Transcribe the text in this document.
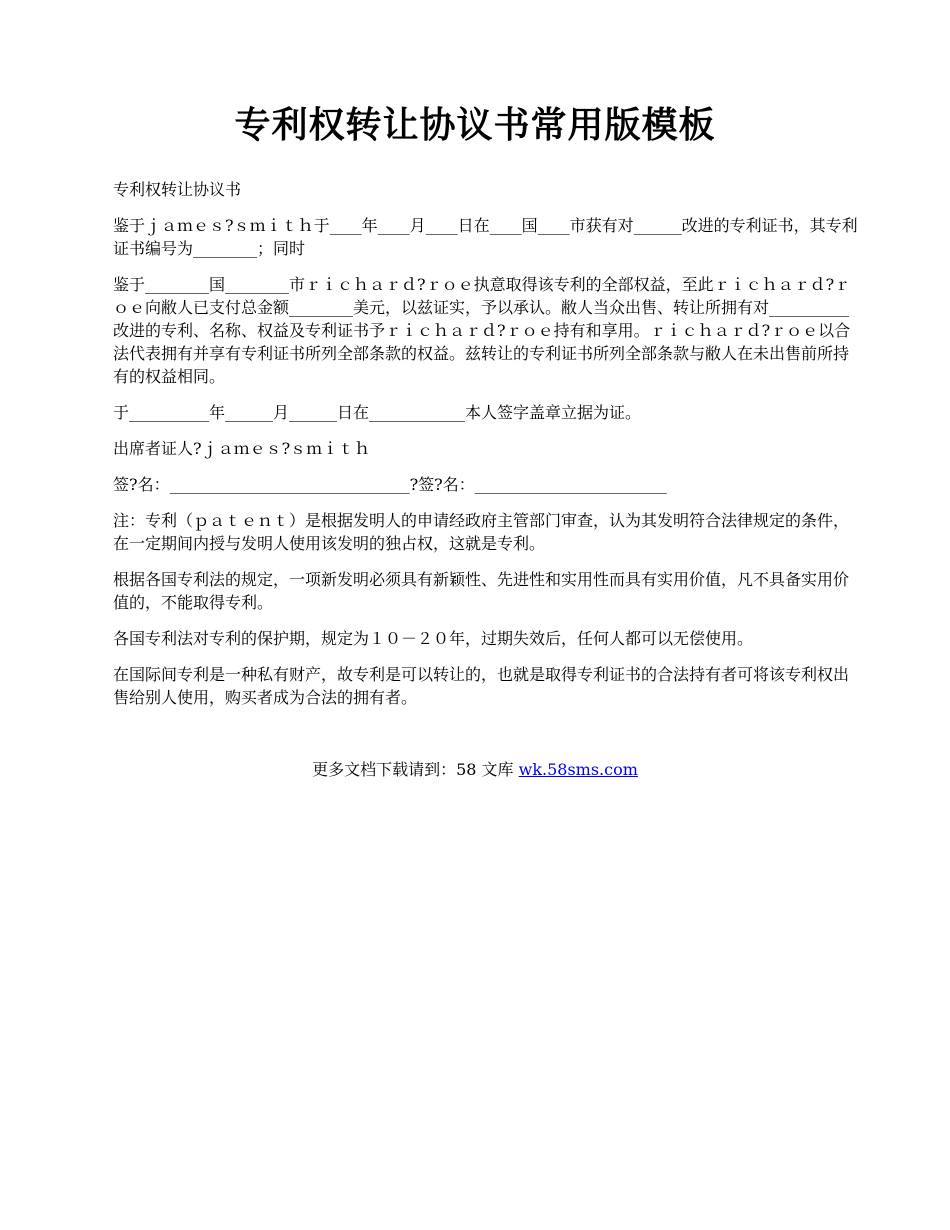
专利权转让协议书常用版模板

专利权转让协议书

鉴于ｊａｍｅｓ?ｓｍｉｔｈ于____年____月____日在____国____市获有对______改进的专利证书，其专利证书编号为________；同时

鉴于________国________市ｒｉｃｈａｒｄ?ｒｏｅ执意取得该专利的全部权益，至此ｒｉｃｈａｒｄ?ｒｏｅ向敝人已支付总金额________美元，以兹证实，予以承认。敝人当众出售、转让所拥有对__________改进的专利、名称、权益及专利证书予ｒｉｃｈａｒｄ?ｒｏｅ持有和享用。ｒｉｃｈａｒｄ?ｒｏｅ以合法代表拥有并享有专利证书所列全部条款的权益。兹转让的专利证书所列全部条款与敝人在未出售前所持有的权益相同。

于__________年______月______日在____________本人签字盖章立据为证。

出席者证人?ｊａｍｅｓ?ｓｍｉｔｈ

签?名：______________________________?签?名：________________________

注：专利（ｐａｔｅｎｔ）是根据发明人的申请经政府主管部门审查，认为其发明符合法律规定的条件，在一定期间内授与发明人使用该发明的独占权，这就是专利。

根据各国专利法的规定，一项新发明必须具有新颖性、先进性和实用性而具有实用价值，凡不具备实用价值的，不能取得专利。

各国专利法对专利的保护期，规定为１０－２０年，过期失效后，任何人都可以无偿使用。

在国际间专利是一种私有财产，故专利是可以转让的，也就是取得专利证书的合法持有者可将该专利权出售给别人使用，购买者成为合法的拥有者。

更多文档下载请到：58 文库 wk.58sms.com
